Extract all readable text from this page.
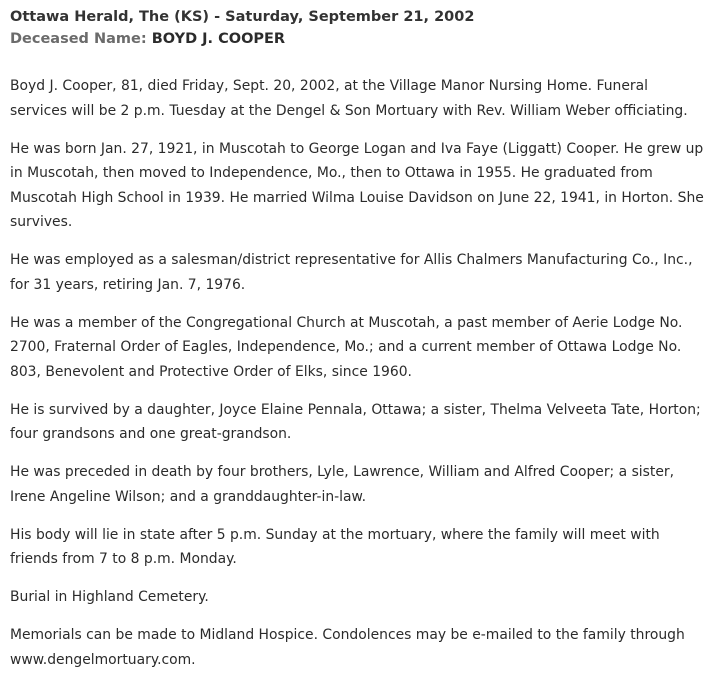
Ottawa Herald, The (KS) - Saturday, September 21, 2002
Deceased Name: BOYD J. COOPER

Boyd J. Cooper, 81, died Friday, Sept. 20, 2002, at the Village Manor Nursing Home. Funeral services will be 2 p.m. Tuesday at the Dengel & Son Mortuary with Rev. William Weber officiating.

He was born Jan. 27, 1921, in Muscotah to George Logan and Iva Faye (Liggatt) Cooper. He grew up in Muscotah, then moved to Independence, Mo., then to Ottawa in 1955. He graduated from Muscotah High School in 1939. He married Wilma Louise Davidson on June 22, 1941, in Horton. She survives.

He was employed as a salesman/district representative for Allis Chalmers Manufacturing Co., Inc., for 31 years, retiring Jan. 7, 1976.

He was a member of the Congregational Church at Muscotah, a past member of Aerie Lodge No. 2700, Fraternal Order of Eagles, Independence, Mo.; and a current member of Ottawa Lodge No. 803, Benevolent and Protective Order of Elks, since 1960.

He is survived by a daughter, Joyce Elaine Pennala, Ottawa; a sister, Thelma Velveeta Tate, Horton; four grandsons and one great-grandson.

He was preceded in death by four brothers, Lyle, Lawrence, William and Alfred Cooper; a sister, Irene Angeline Wilson; and a granddaughter-in-law.

His body will lie in state after 5 p.m. Sunday at the mortuary, where the family will meet with friends from 7 to 8 p.m. Monday.

Burial in Highland Cemetery.

Memorials can be made to Midland Hospice. Condolences may be e-mailed to the family through www.dengelmortuary.com.
